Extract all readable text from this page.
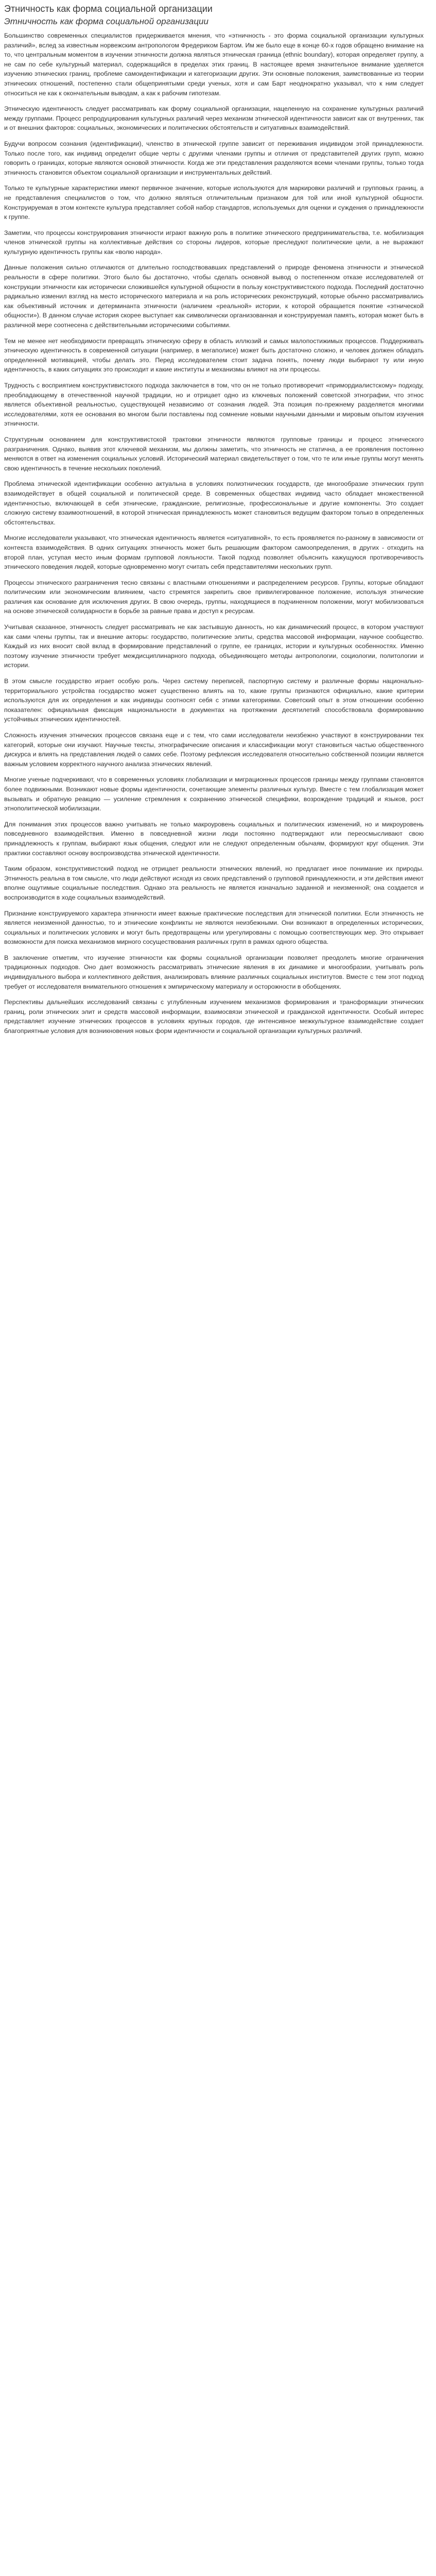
Этничность как форма социальной организации
Этничность как форма социальной организации

Большинство современных специалистов придерживается мнения, что «этничность - это форма социальной организации культурных различий», вслед за известным норвежским антропологом Фредериком Бартом. Им же было еще в конце 60-х годов обращено внимание на то, что центральным моментом в изучении этничности должна являться этническая граница (ethnic boundary), которая определяет группу, а не сам по себе культурный материал, содержащийся в пределах этих границ. В настоящее время значительное внимание уделяется изучению этнических границ, проблеме самоидентификации и категоризации других. Эти основные положения, заимствованные из теории этнических отношений, постепенно стали общепринятыми среди ученых, хотя и сам Барт неоднократно указывал, что к ним следует относиться не как к окончательным выводам, а как к рабочим гипотезам.

Этническую идентичность следует рассматривать как форму социальной организации, нацеленную на сохранение культурных различий между группами. Процесс репродуцирования культурных различий через механизм этнической идентичности зависит как от внутренних, так и от внешних факторов: социальных, экономических и политических обстоятельств и ситуативных взаимодействий.

Будучи вопросом сознания (идентификации), членство в этнической группе зависит от переживания индивидом этой принадлежности. Только после того, как индивид определит общие черты с другими членами группы и отличия от представителей других групп, можно говорить о границах, которые являются основой этничности. Когда же эти представления разделяются всеми членами группы, только тогда этничность становится объектом социальной организации и инструментальных действий.

Только те культурные характеристики имеют первичное значение, которые используются для маркировки различий и групповых границ, а не представления специалистов о том, что должно являться отличительным признаком для той или иной культурной общности. Конструируемая в этом контексте культура представляет собой набор стандартов, используемых для оценки и суждения о принадлежности к группе.

Заметим, что процессы конструирования этничности играют важную роль в политике этнического предпринимательства, т.е. мобилизация членов этнической группы на коллективные действия со стороны лидеров, которые преследуют политические цели, а не выражают культурную идентичность группы как «волю народа».

Данные положения сильно отличаются от длительно господствовавших представлений о природе феномена этничности и этнической реальности в сфере политики. Этого было бы достаточно, чтобы сделать основной вывод о постепенном отказе исследователей от конструкции этничности как исторически сложившейся культурной общности в пользу конструктивистского подхода. Последний достаточно радикально изменил взгляд на место историческогo материала и на роль исторических реконструкций, которые обычно рассматривались как объективный источник и детерминанта этничности (наличием «реальной» истории, к которой обращается понятие «этнической общности»). В данном случае история скорее выступает как символически организованная и конструируемая память, которая может быть в различной мере соотнесена с действительными историческими событиями.

Тем не менее нет необходимости превращать этническую сферу в область иллюзий и самых малопостижимых процессов. Поддерживать этническую идентичность в современной ситуации (например, в мегаполисе) может быть достаточно сложно, и человек должен обладать определенной мотивацией, чтобы делать это. Перед исследователем стоит задача понять, почему люди выбирают ту или иную идентичность, в каких ситуациях это происходит и какие институты и механизмы влияют на эти процессы.

Трудность с восприятием конструктивистского подхода заключается в том, что он не только противоречит «примордиалистскому» подходу, преобладающему в отечественной научной традиции, но и отрицает одно из ключевых положений советской этнографии, что этнос является объективной реальностью, существующей независимо от сознания людей. Эта позиция по-прежнему разделяется многими исследователями, хотя ее основания во многом были поставлены под сомнение новыми научными данными и мировым опытом изучения этничности.

Структурным основанием для конструктивистской трактовки этничности являются групповые границы и процесс этнического разграничения. Однако, выявив этот ключевой механизм, мы должны заметить, что этничность не статична, а ее проявления постоянно меняются в ответ на изменения социальных условий. Исторический материал свидетельствует о том, что те или иные группы могут менять свою идентичность в течение нескольких поколений.

Проблема этнической идентификации особенно актуальна в условиях полиэтнических государств, где многообразие этнических групп взаимодействует в общей социальной и политической среде. В современных обществах индивид часто обладает множественной идентичностью, включающей в себя этнические, гражданские, религиозные, профессиональные и другие компоненты. Это создает сложную систему взаимоотношений, в которой этническая принадлежность может становиться ведущим фактором только в определенных обстоятельствах.

Многие исследователи указывают, что этническая идентичность является «ситуативной», то есть проявляется по-разному в зависимости от контекста взаимодействия. В одних ситуациях этничность может быть решающим фактором самоопределения, в других - отходить на второй план, уступая место иным формам групповой лояльности. Такой подход позволяет объяснить кажущуюся противоречивость этнического поведения людей, которые одновременно могут считать себя представителями нескольких групп.

Процессы этнического разграничения тесно связаны с властными отношениями и распределением ресурсов. Группы, которые обладают политическим или экономическим влиянием, часто стремятся закрепить свое привилегированное положение, используя этнические различия как основание для исключения других. В свою очередь, группы, находящиеся в подчиненном положении, могут мобилизоваться на основе этнической солидарности в борьбе за равные права и доступ к ресурсам.

Учитывая сказанное, этничность следует рассматривать не как застывшую данность, но как динамический процесс, в котором участвуют как сами члены группы, так и внешние акторы: государство, политические элиты, средства массовой информации, научное сообщество. Каждый из них вносит свой вклад в формирование представлений о группе, ее границах, истории и культурных особенностях. Именно поэтому изучение этничности требует междисциплинарного подхода, объединяющего методы антропологии, социологии, политологии и истории.

В этом смысле государство играет особую роль. Через систему переписей, паспортную систему и различные формы национально-территориального устройства государство может существенно влиять на то, какие группы признаются официально, какие критерии используются для их определения и как индивиды соотносят себя с этими категориями. Советский опыт в этом отношении особенно показателен: официальная фиксация национальности в документах на протяжении десятилетий способствовала формированию устойчивых этнических идентичностей.

Сложность изучения этнических процессов связана еще и с тем, что сами исследователи неизбежно участвуют в конструировании тех категорий, которые они изучают. Научные тексты, этнографические описания и классификации могут становиться частью общественного дискурса и влиять на представления людей о самих себе. Поэтому рефлексия исследователя относительно собственной позиции является важным условием корректного научного анализа этнических явлений.

Многие ученые подчеркивают, что в современных условиях глобализации и миграционных процессов границы между группами становятся более подвижными. Возникают новые формы идентичности, сочетающие элементы различных культур. Вместе с тем глобализация может вызывать и обратную реакцию — усиление стремления к сохранению этнической специфики, возрождение традиций и языков, рост этнополитической мобилизации.

Для понимания этих процессов важно учитывать не только макроуровень социальных и политических изменений, но и микроуровень повседневного взаимодействия. Именно в повседневной жизни люди постоянно подтверждают или переосмысливают свою принадлежность к группам, выбирают язык общения, следуют или не следуют определенным обычаям, формируют круг общения. Эти практики составляют основу воспроизводства этнической идентичности.

Таким образом, конструктивистский подход не отрицает реальности этнических явлений, но предлагает иное понимание их природы. Этничность реальна в том смысле, что люди действуют исходя из своих представлений о групповой принадлежности, и эти действия имеют вполне ощутимые социальные последствия. Однако эта реальность не является изначально заданной и неизменной; она создается и воспроизводится в ходе социальных взаимодействий.

Признание конструируемого характера этничности имеет важные практические последствия для этнической политики. Если этничность не является неизменной данностью, то и этнические конфликты не являются неизбежными. Они возникают в определенных исторических, социальных и политических условиях и могут быть предотвращены или урегулированы с помощью соответствующих мер. Это открывает возможности для поиска механизмов мирного сосуществования различных групп в рамках одного общества.

В заключение отметим, что изучение этничности как формы социальной организации позволяет преодолеть многие ограничения традиционных подходов. Оно дает возможность рассматривать этнические явления в их динамике и многообразии, учитывать роль индивидуального выбора и коллективного действия, анализировать влияние различных социальных институтов. Вместе с тем этот подход требует от исследователя внимательного отношения к эмпирическому материалу и осторожности в обобщениях.

Перспективы дальнейших исследований связаны с углубленным изучением механизмов формирования и трансформации этнических границ, роли этнических элит и средств массовой информации, взаимосвязи этнической и гражданской идентичности. Особый интерес представляет изучение этнических процессов в условиях крупных городов, где интенсивное межкультурное взаимодействие создает благоприятные условия для возникновения новых форм идентичности и социальной организации культурных различий.
